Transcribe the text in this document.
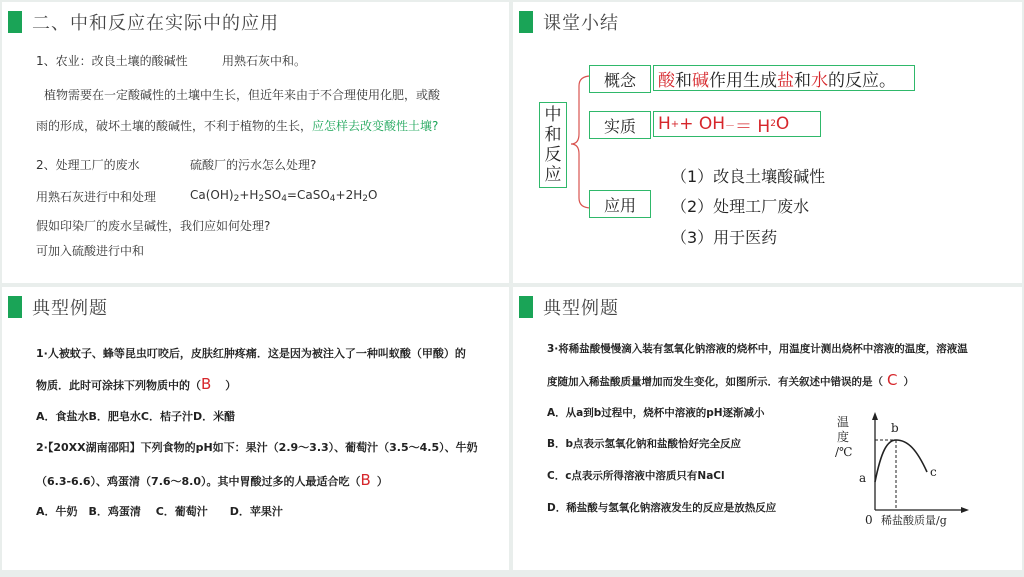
二、中和反应在实际中的应用
1、农业：改良土壤的酸碱性	用熟石灰中和。
植物需要在一定酸碱性的土壤中生长，但近年来由于不合理使用化肥，或酸
雨的形成，破坏土壤的酸碱性，不利于植物的生长，应怎样去改变酸性土壤?
2、处理工厂的废水	硫酸厂的污水怎么处理?
用熟石灰进行中和处理	$Ca(OH)_2+H_2SO_4=CaSO_4+2H_2O$
假如印染厂的废水呈碱性，我们应如何处理?
可加入硫酸进行中和
课堂小结
中
和
反
应
概念	酸 和 碱 作用生成 盐 和 水 的反应。
实质	H + + OH － ＝ H 2 O
应用
（1）改良土壤酸碱性
（2）处理工厂废水
（3）用于医药
典型例题
1·人被蚊子、蜂等昆虫叮咬后，皮肤红肿疼痛．这是因为被注入了一种叫蚁酸（甲酸）的
物质．此时可涂抹下列物质中的（B ）
A．食盐水B．肥皂水C．桔子汁D．米醋
2·【20XX湖南邵阳】下列食物的pH如下：果汁（2.9～3.3）、葡萄汁（3.5～4.5）、牛奶
（6.3-6.6）、鸡蛋清（7.6～8.0）。其中胃酸过多的人最适合吃（B ）
A．牛奶　B．鸡蛋清　 C．葡萄汁　　D．苹果汁
典型例题
3·将稀盐酸慢慢滴入装有氢氧化钠溶液的烧杯中，用温度计测出烧杯中溶液的温度，溶液温
度随加入稀盐酸质量增加而发生变化，如图所示．有关叙述中错误的是（ C ）
A．从a到b过程中，烧杯中溶液的pH逐渐减小
B．b点表示氢氧化钠和盐酸恰好完全反应
C．c点表示所得溶液中溶质只有NaCl
D．稀盐酸与氢氧化钠溶液发生的反应是放热反应
温
度
/℃
0 稀盐酸质量/g
a
b
c
